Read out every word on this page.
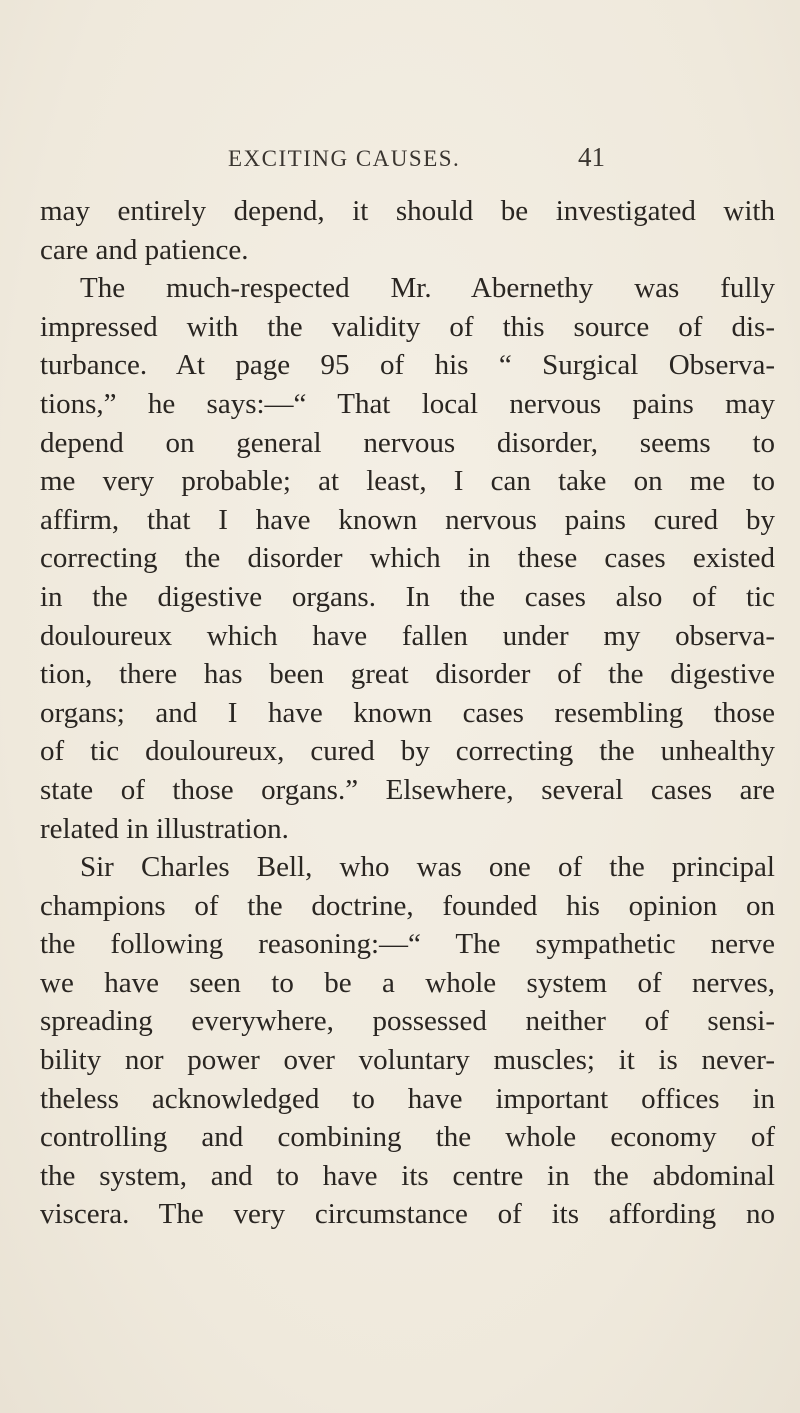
EXCITING CAUSES.	41
may entirely depend, it should be investigated with
care and patience.
The much-respected Mr. Abernethy was fully
impressed with the validity of this source of dis-
turbance. At page 95 of his “ Surgical Observa-
tions,” he says:—“ That local nervous pains may
depend on general nervous disorder, seems to
me very probable; at least, I can take on me to
affirm, that I have known nervous pains cured by
correcting the disorder which in these cases existed
in the digestive organs. In the cases also of tic
douloureux which have fallen under my observa-
tion, there has been great disorder of the digestive
organs; and I have known cases resembling those
of tic douloureux, cured by correcting the unhealthy
state of those organs.” Elsewhere, several cases are
related in illustration.
Sir Charles Bell, who was one of the principal
champions of the doctrine, founded his opinion on
the following reasoning:—“ The sympathetic nerve
we have seen to be a whole system of nerves,
spreading everywhere, possessed neither of sensi-
bility nor power over voluntary muscles; it is never-
theless acknowledged to have important offices in
controlling and combining the whole economy of
the system, and to have its centre in the abdominal
viscera. The very circumstance of its affording no
